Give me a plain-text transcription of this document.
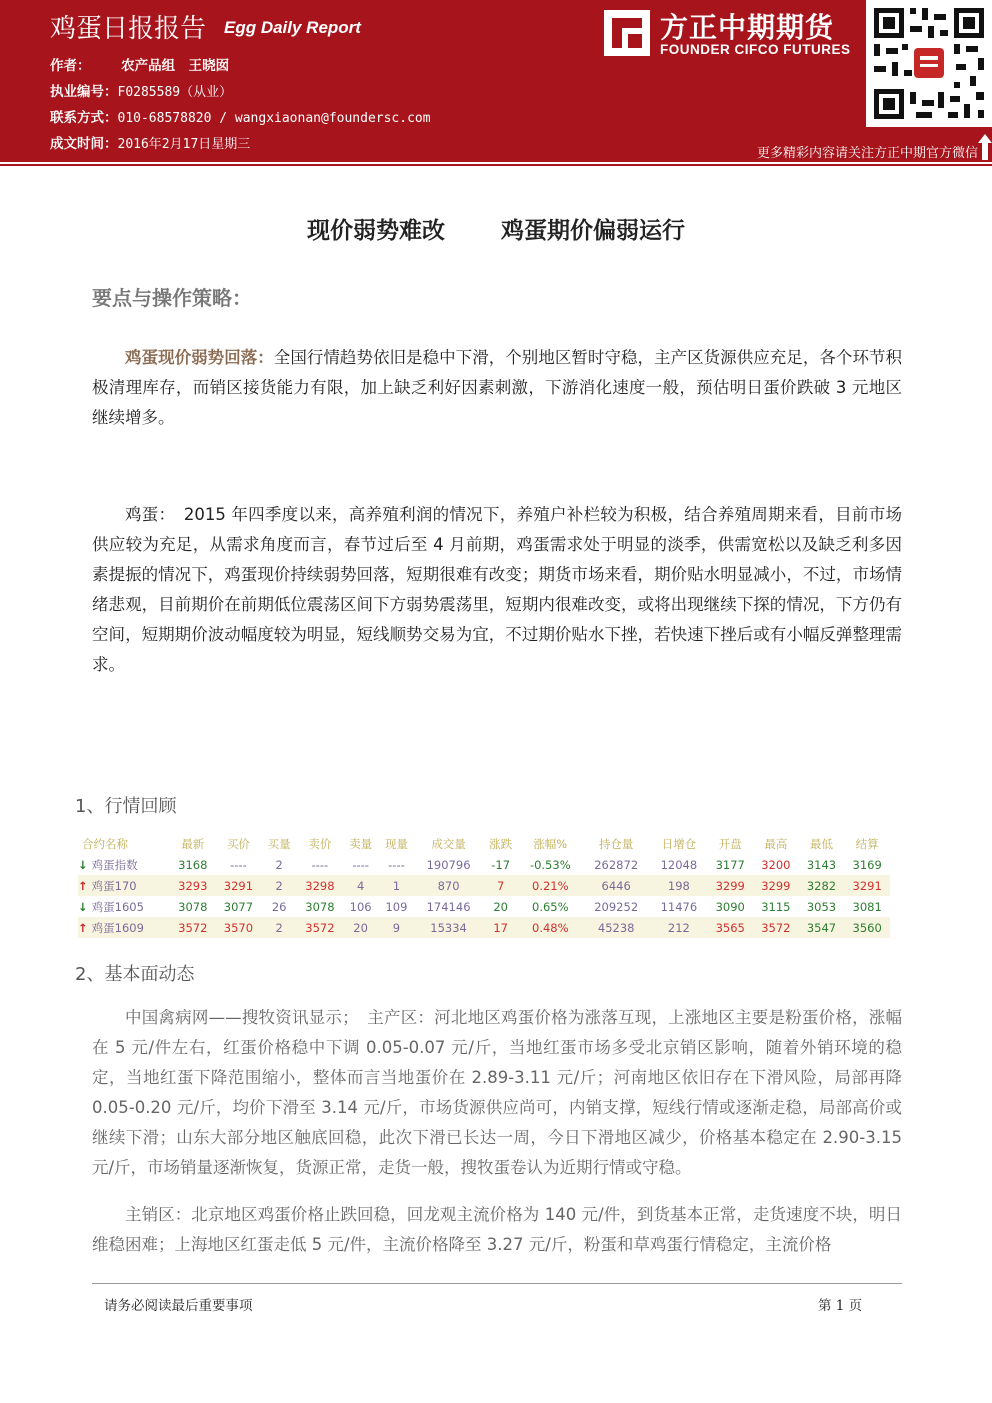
鸡蛋日报报告 Egg Daily Report
作者： 农产品组　王晓囡
执业编号：F0285589（从业）
联系方式：010-68578820 / wangxiaonan@foundersc.com
成文时间：2016年2月17日星期三
方正中期期货
FOUNDER CIFCO FUTURES
更多精彩内容请关注方正中期官方微信
现价弱势难改 鸡蛋期价偏弱运行
要点与操作策略：
鸡蛋现价弱势回落：全国行情趋势依旧是稳中下滑，个别地区暂时守稳，主产区货源供应充足，各个环节积极清理库存，而销区接货能力有限，加上缺乏利好因素刺激，下游消化速度一般，预估明日蛋价跌破 3 元地区继续增多。
鸡蛋：　2015 年四季度以来，高养殖利润的情况下，养殖户补栏较为积极，结合养殖周期来看，目前市场供应较为充足，从需求角度而言，春节过后至 4 月前期，鸡蛋需求处于明显的淡季，供需宽松以及缺乏利多因素提振的情况下，鸡蛋现价持续弱势回落，短期很难有改变；期货市场来看，期价贴水明显减小，不过，市场情绪悲观，目前期价在前期低位震荡区间下方弱势震荡里，短期内很难改变，或将出现继续下探的情况，下方仍有空间，短期期价波动幅度较为明显，短线顺势交易为宜，不过期价贴水下挫，若快速下挫后或有小幅反弹整理需求。
1、行情回顾
合约名称	最新	买价	买量	卖价	卖量	现量	成交量	涨跌	涨幅%	持仓量	日增仓	开盘	最高	最低	结算
↓ 鸡蛋指数	3168	----	2	----	----	----	190796	-17	-0.53%	262872	12048	3177	3200	3143	3169
↑ 鸡蛋170	3293	3291	2	3298	4	1	870	7	0.21%	6446	198	3299	3299	3282	3291
↓ 鸡蛋1605	3078	3077	26	3078	106	109	174146	20	0.65%	209252	11476	3090	3115	3053	3081
↑ 鸡蛋1609	3572	3570	2	3572	20	9	15334	17	0.48%	45238	212	3565	3572	3547	3560
2、基本面动态
中国禽病网——搜牧资讯显示；　主产区：河北地区鸡蛋价格为涨落互现，上涨地区主要是粉蛋价格，涨幅在 5 元/件左右，红蛋价格稳中下调 0.05-0.07 元/斤，当地红蛋市场多受北京销区影响，随着外销环境的稳定，当地红蛋下降范围缩小，整体而言当地蛋价在 2.89-3.11 元/斤；河南地区依旧存在下滑风险，局部再降 0.05-0.20 元/斤，均价下滑至 3.14 元/斤，市场货源供应尚可，内销支撑，短线行情或逐渐走稳，局部高价或继续下滑；山东大部分地区触底回稳，此次下滑已长达一周，今日下滑地区减少，价格基本稳定在 2.90-3.15 元/斤，市场销量逐渐恢复，货源正常，走货一般，搜牧蛋卷认为近期行情或守稳。
主销区：北京地区鸡蛋价格止跌回稳，回龙观主流价格为 140 元/件，到货基本正常，走货速度不块，明日维稳困难；上海地区红蛋走低 5 元/件，主流价格降至 3.27 元/斤，粉蛋和草鸡蛋行情稳定，主流价格
请务必阅读最后重要事项	第 1 页
